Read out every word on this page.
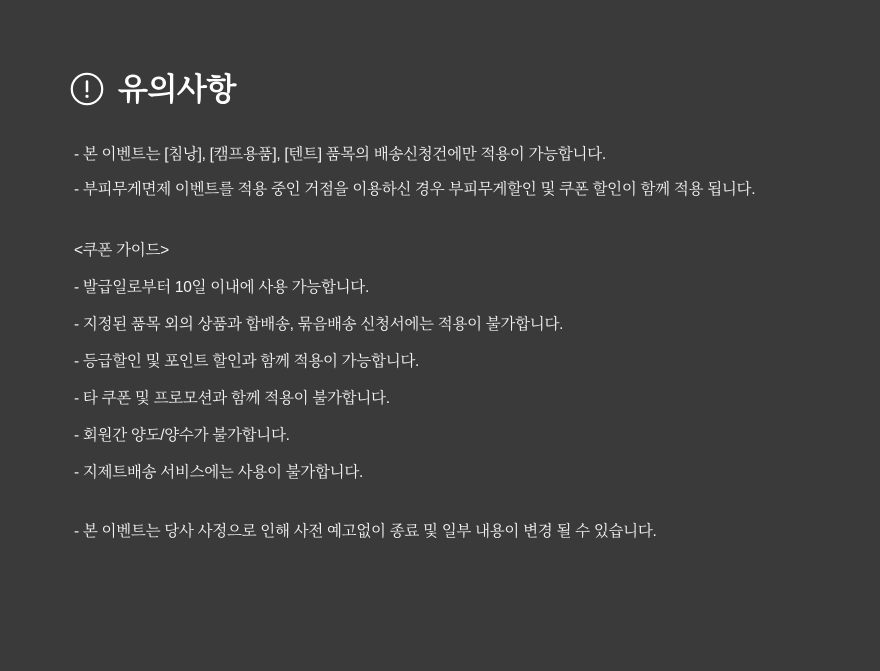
유의사항
- 본 이벤트는 [침낭], [캠프용품], [텐트] 품목의 배송신청건에만 적용이 가능합니다.
- 부피무게면제 이벤트를 적용 중인 거점을 이용하신 경우 부피무게할인 및 쿠폰 할인이 함께 적용 됩니다.
<쿠폰 가이드>
- 발급일로부터 10일 이내에 사용 가능합니다.
- 지정된 품목 외의 상품과 합배송, 묶음배송 신청서에는 적용이 불가합니다.
- 등급할인 및 포인트 할인과 함께 적용이 가능합니다.
- 타 쿠폰 및 프로모션과 함께 적용이 불가합니다.
- 회원간 양도/양수가 불가합니다.
- 지제트배송 서비스에는 사용이 불가합니다.
- 본 이벤트는 당사 사정으로 인해 사전 예고없이 종료 및 일부 내용이 변경 될 수 있습니다.
